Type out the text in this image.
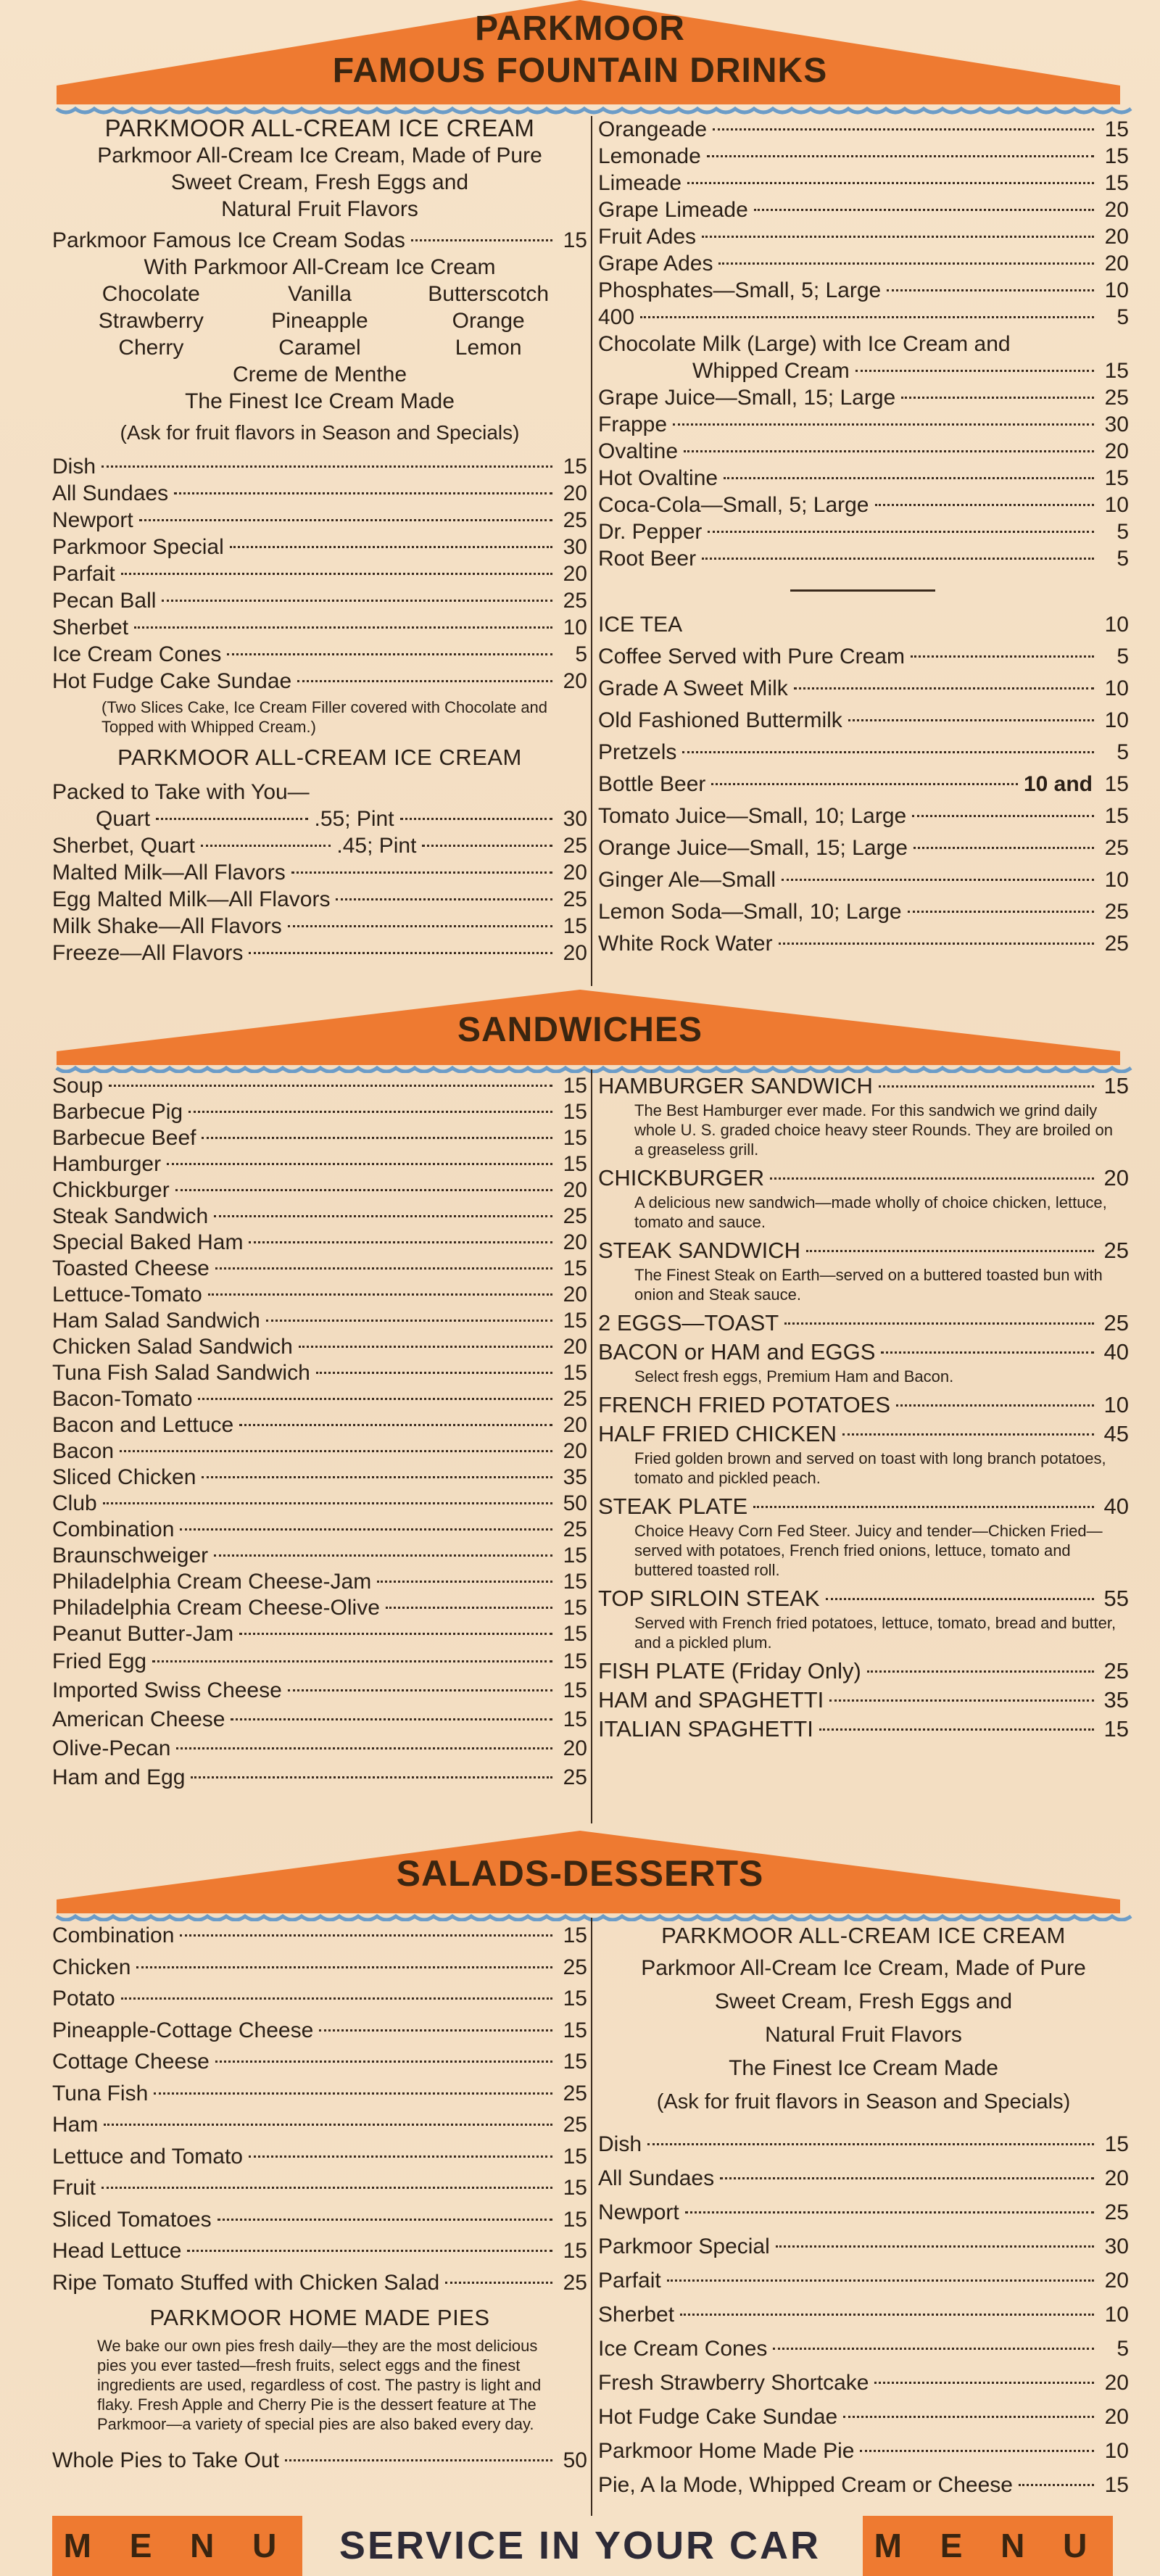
PARKMOOR
FAMOUS FOUNTAIN DRINKS
PARKMOOR ALL-CREAM ICE CREAM
Parkmoor All-Cream Ice Cream, Made of Pure
Sweet Cream, Fresh Eggs and
Natural Fruit Flavors
Parkmoor Famous Ice Cream Sodas	15
With Parkmoor All-Cream Ice Cream
Chocolate	Vanilla	Butterscotch
Strawberry	Pineapple	Orange
Cherry	Caramel	Lemon
Creme de Menthe
The Finest Ice Cream Made
(Ask for fruit flavors in Season and Specials)
Dish	15
All Sundaes	20
Newport	25
Parkmoor Special	30
Parfait	20
Pecan Ball	25
Sherbet	10
Ice Cream Cones	5
Hot Fudge Cake Sundae	20
(Two Slices Cake, Ice Cream Filler covered with Chocolate and Topped with Whipped Cream.)
PARKMOOR ALL-CREAM ICE CREAM
Packed to Take with You—
Quart	.55; Pint	30
Sherbet, Quart	.45; Pint	25
Malted Milk—All Flavors	20
Egg Malted Milk—All Flavors	25
Milk Shake—All Flavors	15
Freeze—All Flavors	20
Orangeade	15
Lemonade	15
Limeade	15
Grape Limeade	20
Fruit Ades	20
Grape Ades	20
Phosphates—Small, 5; Large	10
400	5
Chocolate Milk (Large) with Ice Cream and
Whipped Cream	15
Grape Juice—Small, 15; Large	25
Frappe	30
Ovaltine	20
Hot Ovaltine	15
Coca-Cola—Small, 5; Large	10
Dr. Pepper	5
Root Beer	5
ICE TEA	10
Coffee Served with Pure Cream	5
Grade A Sweet Milk	10
Old Fashioned Buttermilk	10
Pretzels	5
Bottle Beer	10 and 15
Tomato Juice—Small, 10; Large	15
Orange Juice—Small, 15; Large	25
Ginger Ale—Small	10
Lemon Soda—Small, 10; Large	25
White Rock Water	25
SANDWICHES
Soup	15
Barbecue Pig	15
Barbecue Beef	15
Hamburger	15
Chickburger	20
Steak Sandwich	25
Special Baked Ham	20
Toasted Cheese	15
Lettuce-Tomato	20
Ham Salad Sandwich	15
Chicken Salad Sandwich	20
Tuna Fish Salad Sandwich	15
Bacon-Tomato	25
Bacon and Lettuce	20
Bacon	20
Sliced Chicken	35
Club	50
Combination	25
Braunschweiger	15
Philadelphia Cream Cheese-Jam	15
Philadelphia Cream Cheese-Olive	15
Peanut Butter-Jam	15
Fried Egg	15
Imported Swiss Cheese	15
American Cheese	15
Olive-Pecan	20
Ham and Egg	25
HAMBURGER SANDWICH	15
The Best Hamburger ever made. For this sandwich we grind daily whole U. S. graded choice heavy steer Rounds. They are broiled on a greaseless grill.
CHICKBURGER	20
A delicious new sandwich—made wholly of choice chicken, lettuce, tomato and sauce.
STEAK SANDWICH	25
The Finest Steak on Earth—served on a buttered toasted bun with onion and Steak sauce.
2 EGGS—TOAST	25
BACON or HAM and EGGS	40
Select fresh eggs, Premium Ham and Bacon.
FRENCH FRIED POTATOES	10
HALF FRIED CHICKEN	45
Fried golden brown and served on toast with long branch potatoes, tomato and pickled peach.
STEAK PLATE	40
Choice Heavy Corn Fed Steer. Juicy and tender—Chicken Fried—served with potatoes, French fried onions, lettuce, tomato and buttered toasted roll.
TOP SIRLOIN STEAK	55
Served with French fried potatoes, lettuce, tomato, bread and butter, and a pickled plum.
FISH PLATE (Friday Only)	25
HAM and SPAGHETTI	35
ITALIAN SPAGHETTI	15
SALADS-DESSERTS
Combination	15
Chicken	25
Potato	15
Pineapple-Cottage Cheese	15
Cottage Cheese	15
Tuna Fish	25
Ham	25
Lettuce and Tomato	15
Fruit	15
Sliced Tomatoes	15
Head Lettuce	15
Ripe Tomato Stuffed with Chicken Salad	25
PARKMOOR HOME MADE PIES
We bake our own pies fresh daily—they are the most delicious pies you ever tasted—fresh fruits, select eggs and the finest ingredients are used, regardless of cost. The pastry is light and flaky. Fresh Apple and Cherry Pie is the dessert feature at The Parkmoor—a variety of special pies are also baked every day.
Whole Pies to Take Out	50
PARKMOOR ALL-CREAM ICE CREAM
Parkmoor All-Cream Ice Cream, Made of Pure
Sweet Cream, Fresh Eggs and
Natural Fruit Flavors
The Finest Ice Cream Made
(Ask for fruit flavors in Season and Specials)
Dish	15
All Sundaes	20
Newport	25
Parkmoor Special	30
Parfait	20
Sherbet	10
Ice Cream Cones	5
Fresh Strawberry Shortcake	20
Hot Fudge Cake Sundae	20
Parkmoor Home Made Pie	10
Pie, A la Mode, Whipped Cream or Cheese	15
M E N U	SERVICE IN YOUR CAR	M E N U
